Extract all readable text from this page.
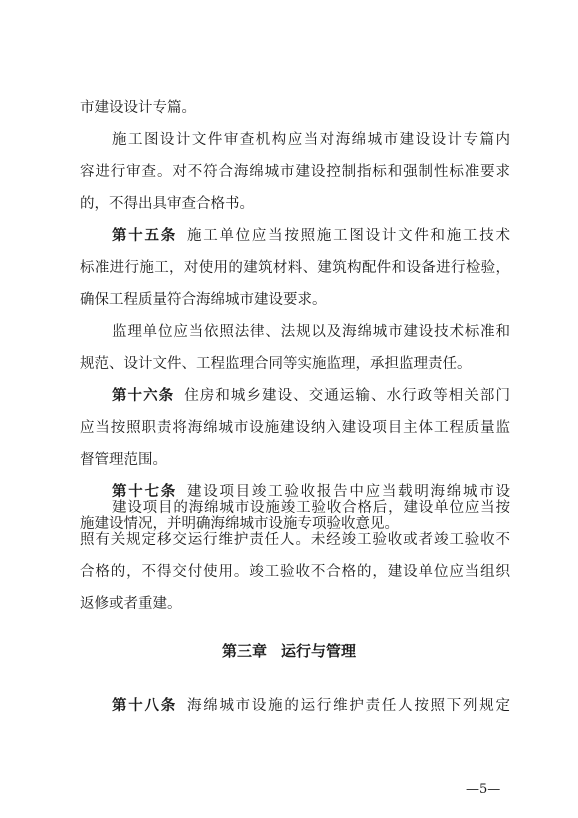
市建设设计专篇。
施工图设计文件审查机构应当对海绵城市建设设计专篇内
容进行审查。对不符合海绵城市建设控制指标和强制性标准要求
的，不得出具审查合格书。
第十五条 施工单位应当按照施工图设计文件和施工技术
标准进行施工，对使用的建筑材料、建筑构配件和设备进行检验，
确保工程质量符合海绵城市建设要求。
监理单位应当依照法律、法规以及海绵城市建设技术标准和
规范、设计文件、工程监理合同等实施监理，承担监理责任。
第十六条 住房和城乡建设、交通运输、水行政等相关部门
应当按照职责将海绵城市设施建设纳入建设项目主体工程质量监
督管理范围。
第十七条 建设项目竣工验收报告中应当载明海绵城市设
施建设情况，并明确海绵城市设施专项验收意见。
建设项目的海绵城市设施竣工验收合格后，建设单位应当按
照有关规定移交运行维护责任人。未经竣工验收或者竣工验收不
合格的，不得交付使用。竣工验收不合格的，建设单位应当组织
第三章 运行与管理
第十八条 海绵城市设施的运行维护责任人按照下列规定
—5—
返修或者重建。
